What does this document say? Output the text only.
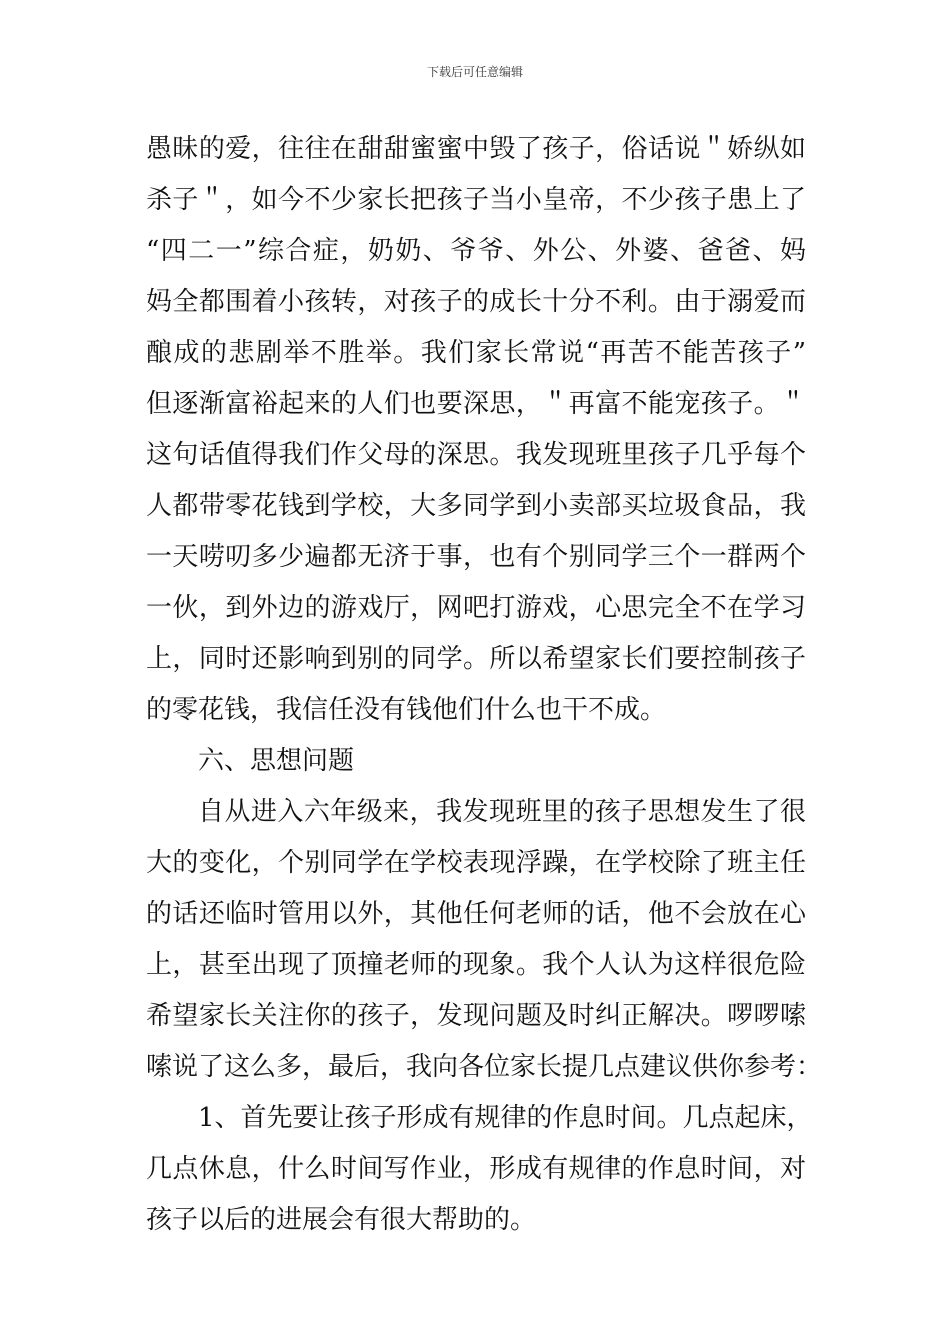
下载后可任意编辑
愚昧的爱，往往在甜甜蜜蜜中毁了孩子，俗话说＂娇纵如
杀子＂，如今不少家长把孩子当小皇帝，不少孩子患上了
“四二一”综合症，奶奶、爷爷、外公、外婆、爸爸、妈
妈全都围着小孩转，对孩子的成长十分不利。由于溺爱而
酿成的悲剧举不胜举。我们家长常说“再苦不能苦孩子”
但逐渐富裕起来的人们也要深思，＂再富不能宠孩子。＂
这句话值得我们作父母的深思。我发现班里孩子几乎每个
人都带零花钱到学校，大多同学到小卖部买垃圾食品，我
一天唠叨多少遍都无济于事，也有个别同学三个一群两个
一伙，到外边的游戏厅，网吧打游戏，心思完全不在学习
上，同时还影响到别的同学。所以希望家长们要控制孩子
的零花钱，我信任没有钱他们什么也干不成。
六、思想问题
自从进入六年级来，我发现班里的孩子思想发生了很
大的变化，个别同学在学校表现浮躁，在学校除了班主任
的话还临时管用以外，其他任何老师的话，他不会放在心
上，甚至出现了顶撞老师的现象。我个人认为这样很危险
希望家长关注你的孩子，发现问题及时纠正解决。啰啰嗦
嗦说了这么多，最后，我向各位家长提几点建议供你参考：
1、首先要让孩子形成有规律的作息时间。几点起床，
几点休息，什么时间写作业，形成有规律的作息时间，对
孩子以后的进展会有很大帮助的。
